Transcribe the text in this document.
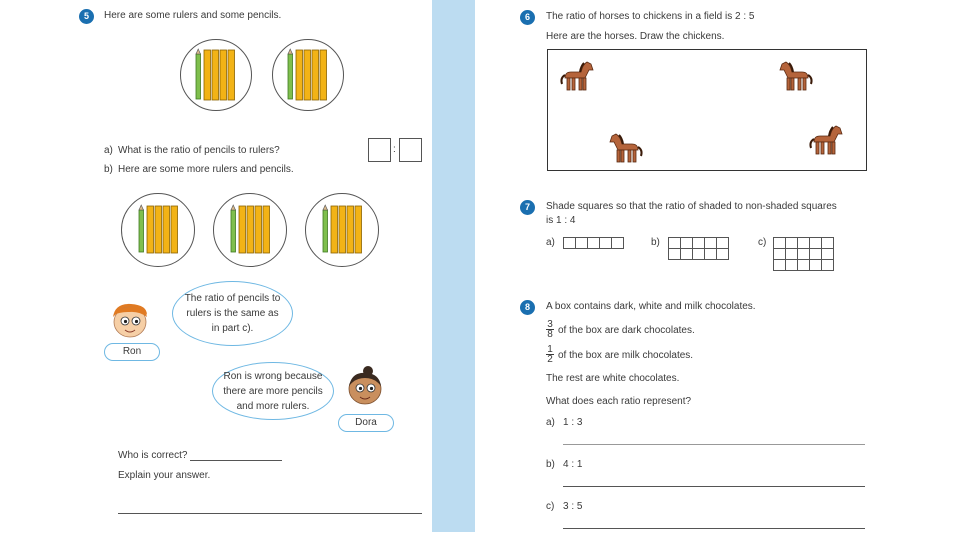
5	Here are some rulers and some pencils.
a) What is the ratio of pencils to rulers?	:
b) Here are some more rulers and pencils.
The ratio of pencils to rulers is the same as in part c).
Ron
Ron is wrong because there are more pencils and more rulers.
Dora
Who is correct?
Explain your answer.
6	The ratio of horses to chickens in a field is 2 : 5
Here are the horses. Draw the chickens.
7	Shade squares so that the ratio of shaded to non-shaded squares
is 1 : 4
a)	b)	c)
8	A box contains dark, white and milk chocolates.
$\frac{3}{8}$ of the box are dark chocolates.
$\frac{1}{2}$ of the box are milk chocolates.
The rest are white chocolates.
What does each ratio represent?
a) 1 : 3
b) 4 : 1
c) 3 : 5
